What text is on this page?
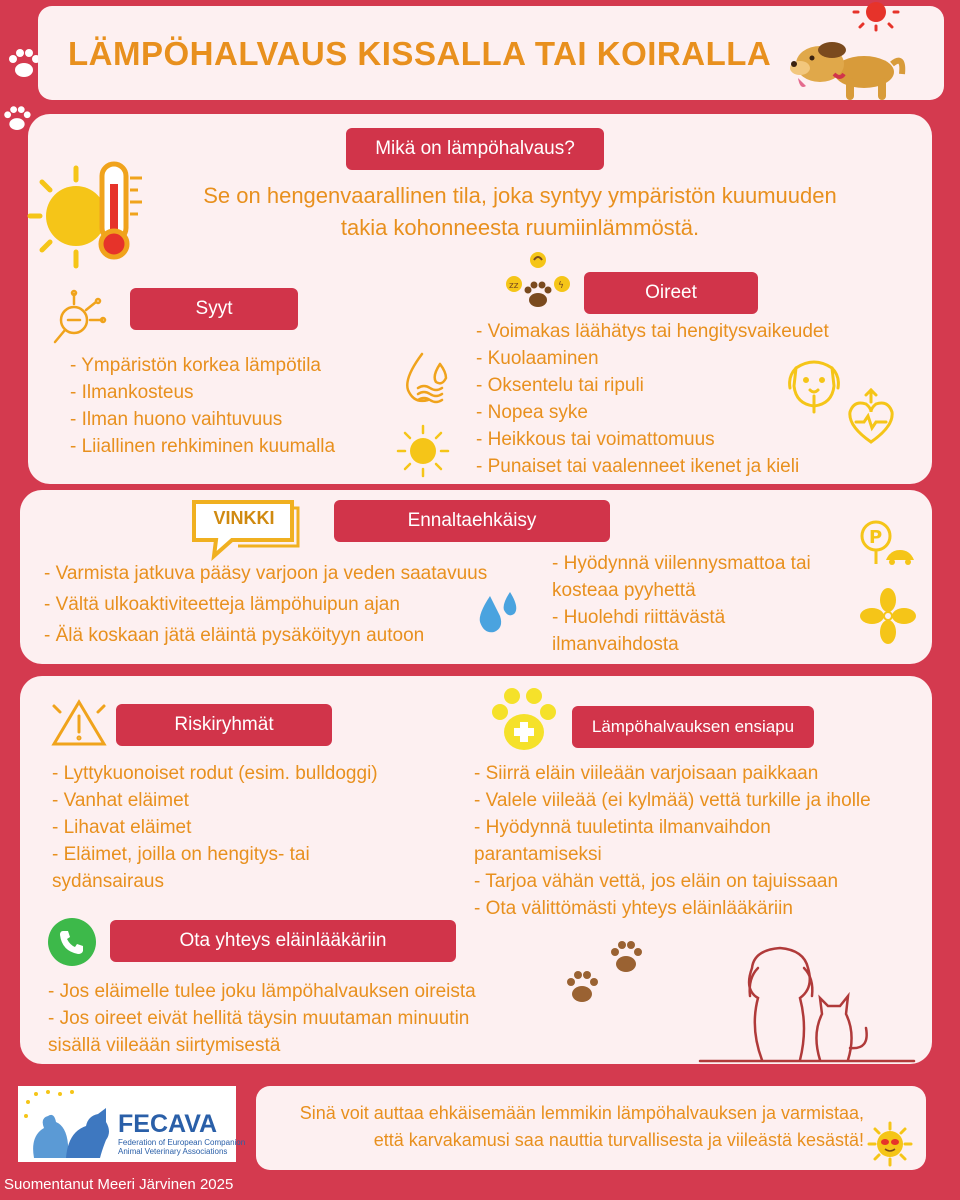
LÄMPÖHALVAUS KISSALLA TAI KOIRALLA
Mikä on lämpöhalvaus?
Se on hengenvaarallinen tila, joka syntyy ympäristön kuumuuden
takia kohonneesta ruumiinlämmöstä.
Syyt
- Ympäristön korkea lämpötila
- Ilmankosteus
- Ilman huono vaihtuvuus
- Liiallinen rehkiminen kuumalla
zz	ϟ	Oireet
- Voimakas läähätys tai hengitysvaikeudet
- Kuolaaminen
- Oksentelu tai ripuli
- Nopea syke
- Heikkous tai voimattomuus
- Punaiset tai vaalenneet ikenet ja kieli
VINKKI	Ennaltaehkäisy
- Varmista jatkuva pääsy varjoon ja veden saatavuus
- Vältä ulkoaktiviteetteja lämpöhuipun ajan
- Älä koskaan jätä eläintä pysäköityyn autoon
- Hyödynnä viilennysmattoa tai
kosteaa pyyhettä
- Huolehdi riittävästä
ilmanvaihdosta
P
Riskiryhmät
- Lyttykuonoiset rodut (esim. bulldoggi)
- Vanhat eläimet
- Lihavat eläimet
- Eläimet, joilla on hengitys- tai
sydänsairaus
Lämpöhalvauksen ensiapu
- Siirrä eläin viileään varjoisaan paikkaan
- Valele viileää (ei kylmää) vettä turkille ja iholle
- Hyödynnä tuuletinta ilmanvaihdon
parantamiseksi
- Tarjoa vähän vettä, jos eläin on tajuissaan
- Ota välittömästi yhteys eläinlääkäriin
Ota yhteys eläinlääkäriin
- Jos eläimelle tulee joku lämpöhalvauksen oireista
- Jos oireet eivät hellitä täysin muutaman minuutin
sisällä viileään siirtymisestä
FECAVA
Federation of European Companion
Animal Veterinary Associations
Sinä voit auttaa ehkäisemään lemmikin lämpöhalvauksen ja varmistaa,
että karvakamusi saa nauttia turvallisesta ja viileästä kesästä!
Suomentanut Meeri Järvinen 2025
